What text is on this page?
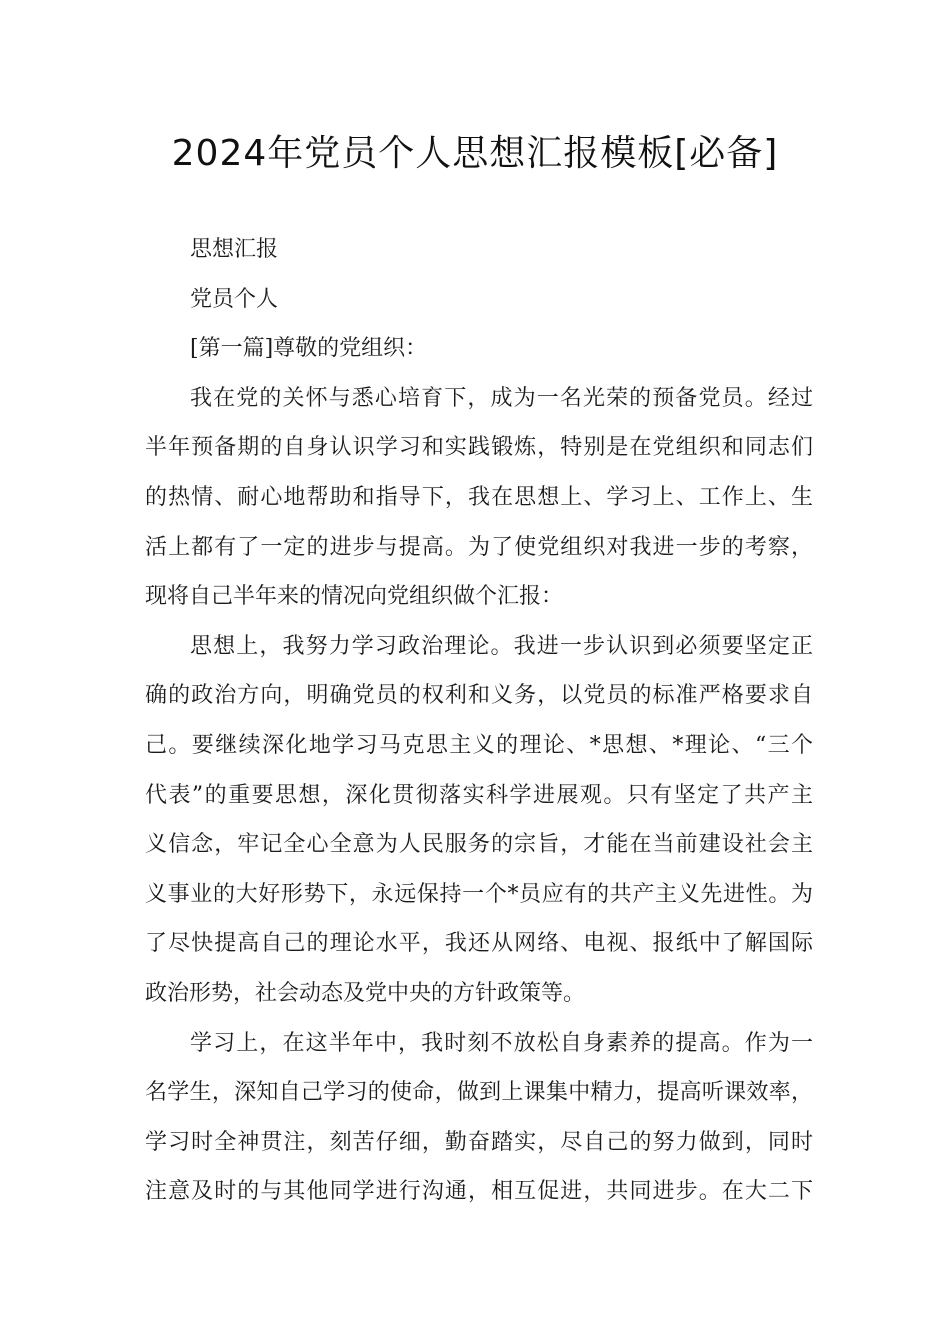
2024年党员个人思想汇报模板[必备]
思想汇报
党员个人
[第一篇]尊敬的党组织：
我在党的关怀与悉心培育下，成为一名光荣的预备党员。经过
半年预备期的自身认识学习和实践锻炼，特别是在党组织和同志们
的热情、耐心地帮助和指导下，我在思想上、学习上、工作上、生
活上都有了一定的进步与提高。为了使党组织对我进一步的考察，
现将自己半年来的情况向党组织做个汇报：
思想上，我努力学习政治理论。我进一步认识到必须要坚定正
确的政治方向，明确党员的权利和义务，以党员的标准严格要求自
己。要继续深化地学习马克思主义的理论、*思想、*理论、“三个
代表”的重要思想，深化贯彻落实科学进展观。只有坚定了共产主
义信念，牢记全心全意为人民服务的宗旨，才能在当前建设社会主
义事业的大好形势下，永远保持一个*员应有的共产主义先进性。为
了尽快提高自己的理论水平，我还从网络、电视、报纸中了解国际
政治形势，社会动态及党中央的方针政策等。
学习上，在这半年中，我时刻不放松自身素养的提高。作为一
名学生，深知自己学习的使命，做到上课集中精力，提高听课效率，
学习时全神贯注，刻苦仔细，勤奋踏实，尽自己的努力做到，同时
注意及时的与其他同学进行沟通，相互促进，共同进步。在大二下
